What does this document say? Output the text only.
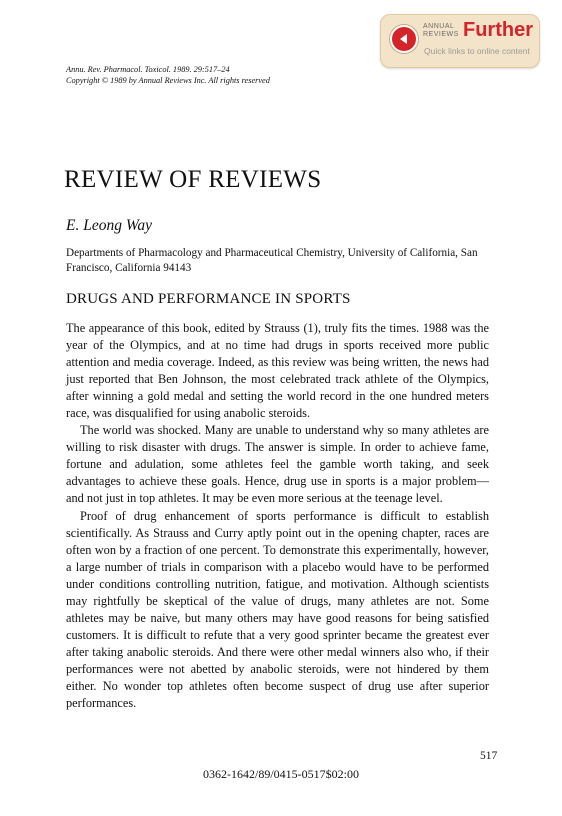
ANNUAL
REVIEWS Further
Quick links to online content
Annu. Rev. Pharmacol. Toxicol. 1989. 29:517–24
Copyright © 1989 by Annual Reviews Inc. All rights reserved
REVIEW OF REVIEWS
E. Leong Way
Departments of Pharmacology and Pharmaceutical Chemistry, University of California, San Francisco, California 94143
DRUGS AND PERFORMANCE IN SPORTS

The appearance of this book, edited by Strauss (1), truly fits the times. 1988 was the year of the Olympics, and at no time had drugs in sports received more public attention and media coverage. Indeed, as this review was being written, the news had just reported that Ben Johnson, the most celebrated track athlete of the Olympics, after winning a gold medal and setting the world record in the one hundred meters race, was disqualified for using anabolic steroids.

The world was shocked. Many are unable to understand why so many athletes are willing to risk disaster with drugs. The answer is simple. In order to achieve fame, fortune and adulation, some athletes feel the gamble worth taking, and seek advantages to achieve these goals. Hence, drug use in sports is a major problem—and not just in top athletes. It may be even more serious at the teenage level.

Proof of drug enhancement of sports performance is difficult to establish scientifically. As Strauss and Curry aptly point out in the opening chapter, races are often won by a fraction of one percent. To demonstrate this experimentally, however, a large number of trials in comparison with a placebo would have to be performed under conditions controlling nutrition, fatigue, and motivation. Although scientists may rightfully be skeptical of the value of drugs, many athletes are not. Some athletes may be naive, but many others may have good reasons for being satisfied customers. It is difficult to refute that a very good sprinter became the greatest ever after taking anabolic steroids. And there were other medal winners also who, if their performances were not abetted by anabolic steroids, were not hindered by them either. No wonder top athletes often become suspect of drug use after superior performances.

517
0362-1642/89/0415-0517$02:00
